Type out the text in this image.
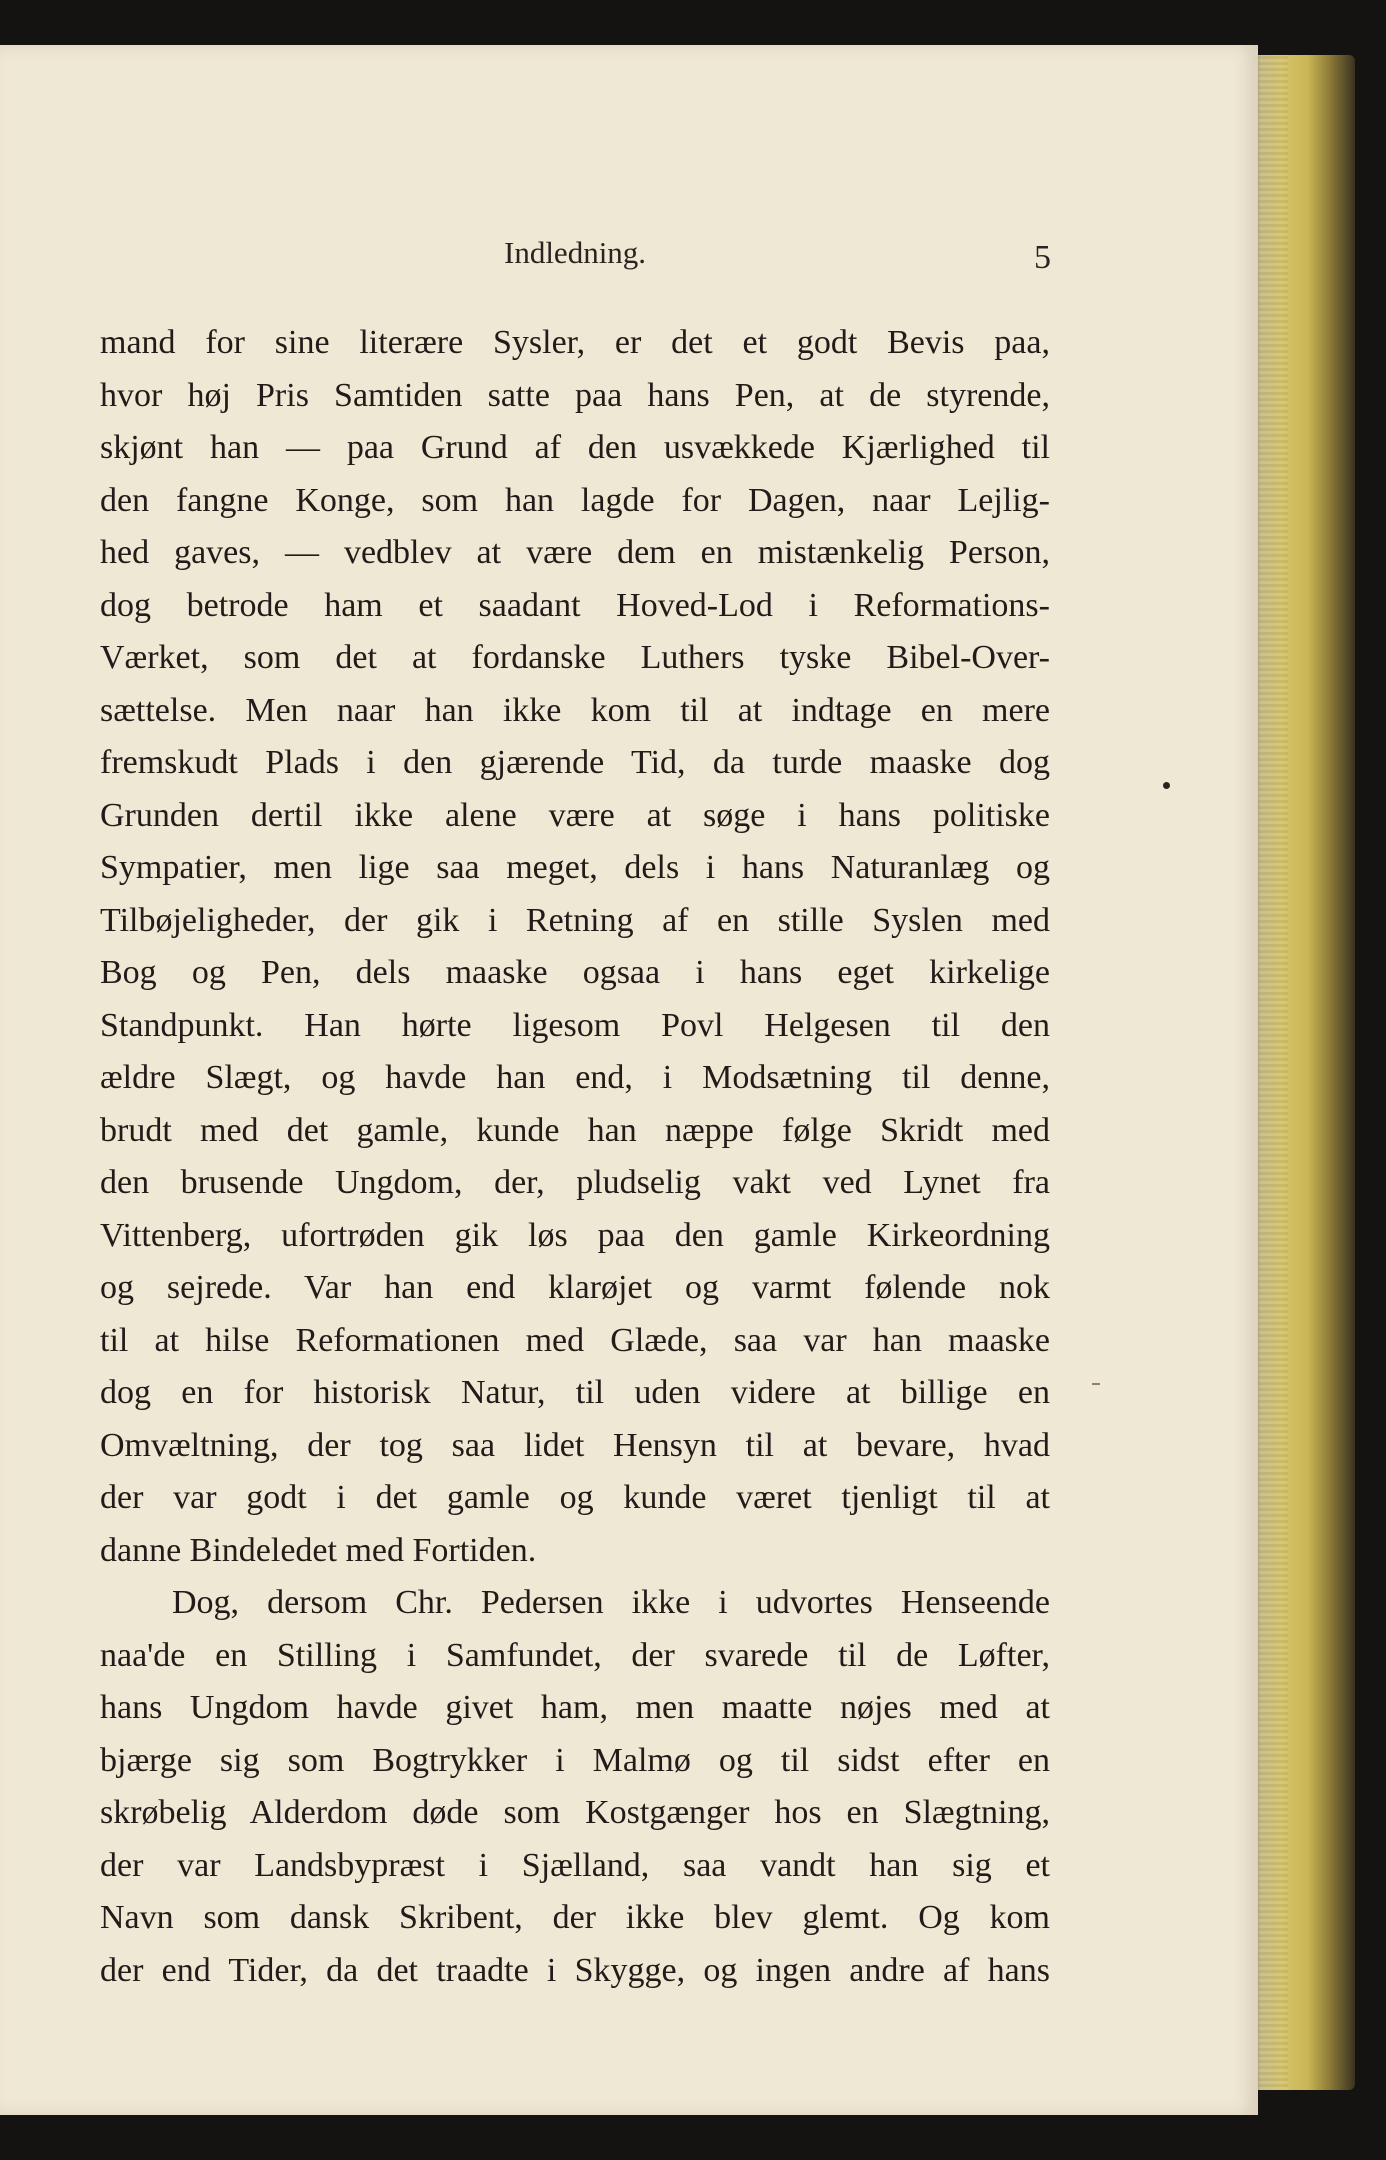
Indledning.	5
mand for sine literære Sysler, er det et godt Bevis paa,
hvor høj Pris Samtiden satte paa hans Pen, at de styrende,
skjønt han — paa Grund af den usvækkede Kjærlighed til
den fangne Konge, som han lagde for Dagen, naar Lejlig-
hed gaves, — vedblev at være dem en mistænkelig Person,
dog betrode ham et saadant Hoved-Lod i Reformations-
Værket, som det at fordanske Luthers tyske Bibel-Over-
sættelse. Men naar han ikke kom til at indtage en mere
fremskudt Plads i den gjærende Tid, da turde maaske dog
Grunden dertil ikke alene være at søge i hans politiske
Sympatier, men lige saa meget, dels i hans Naturanlæg og
Tilbøjeligheder, der gik i Retning af en stille Syslen med
Bog og Pen, dels maaske ogsaa i hans eget kirkelige
Standpunkt. Han hørte ligesom Povl Helgesen til den
ældre Slægt, og havde han end, i Modsætning til denne,
brudt med det gamle, kunde han næppe følge Skridt med
den brusende Ungdom, der, pludselig vakt ved Lynet fra
Vittenberg, ufortrøden gik løs paa den gamle Kirkeordning
og sejrede. Var han end klarøjet og varmt følende nok
til at hilse Reformationen med Glæde, saa var han maaske
dog en for historisk Natur, til uden videre at billige en
Omvæltning, der tog saa lidet Hensyn til at bevare, hvad
der var godt i det gamle og kunde været tjenligt til at
danne Bindeledet med Fortiden.
Dog, dersom Chr. Pedersen ikke i udvortes Henseende
naa'de en Stilling i Samfundet, der svarede til de Løfter,
hans Ungdom havde givet ham, men maatte nøjes med at
bjærge sig som Bogtrykker i Malmø og til sidst efter en
skrøbelig Alderdom døde som Kostgænger hos en Slægtning,
der var Landsbypræst i Sjælland, saa vandt han sig et
Navn som dansk Skribent, der ikke blev glemt. Og kom
der end Tider, da det traadte i Skygge, og ingen andre af hans
